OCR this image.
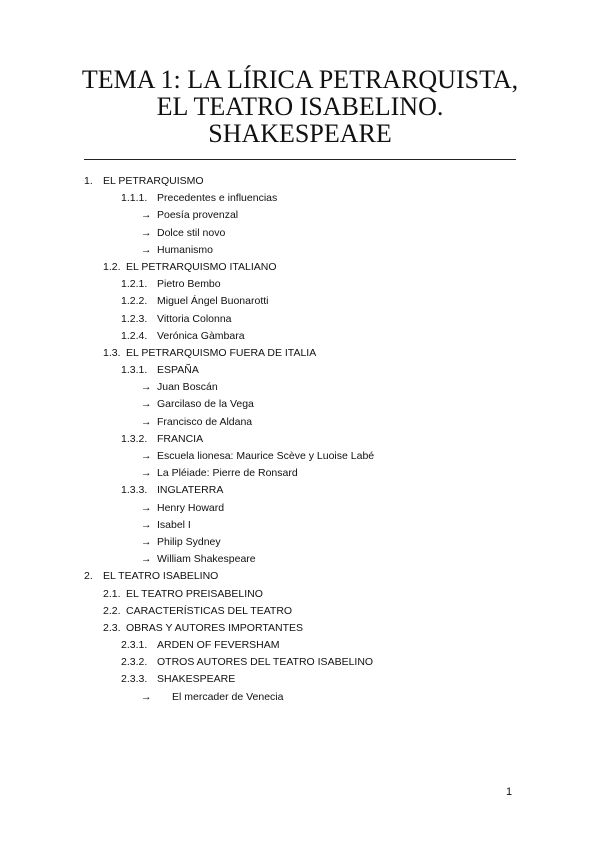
TEMA 1: LA LÍRICA PETRARQUISTA,
EL TEATRO ISABELINO.
SHAKESPEARE
1. EL PETRARQUISMO
1.1.1. Precedentes e influencias
→ Poesía provenzal
→ Dolce stil novo
→ Humanismo
1.2. EL PETRARQUISMO ITALIANO
1.2.1. Pietro Bembo
1.2.2. Miguel Ángel Buonarotti
1.2.3. Vittoria Colonna
1.2.4. Verónica Gàmbara
1.3. EL PETRARQUISMO FUERA DE ITALIA
1.3.1. ESPAÑA
→ Juan Boscán
→ Garcilaso de la Vega
→ Francisco de Aldana
1.3.2. FRANCIA
→ Escuela lionesa: Maurice Scève y Luoise Labé
→ La Pléiade: Pierre de Ronsard
1.3.3. INGLATERRA
→ Henry Howard
→ Isabel I
→ Philip Sydney
→ William Shakespeare
2. EL TEATRO ISABELINO
2.1. EL TEATRO PREISABELINO
2.2. CARACTERÍSTICAS DEL TEATRO
2.3. OBRAS Y AUTORES IMPORTANTES
2.3.1. ARDEN OF FEVERSHAM
2.3.2. OTROS AUTORES DEL TEATRO ISABELINO
2.3.3. SHAKESPEARE
→ El mercader de Venecia
1
